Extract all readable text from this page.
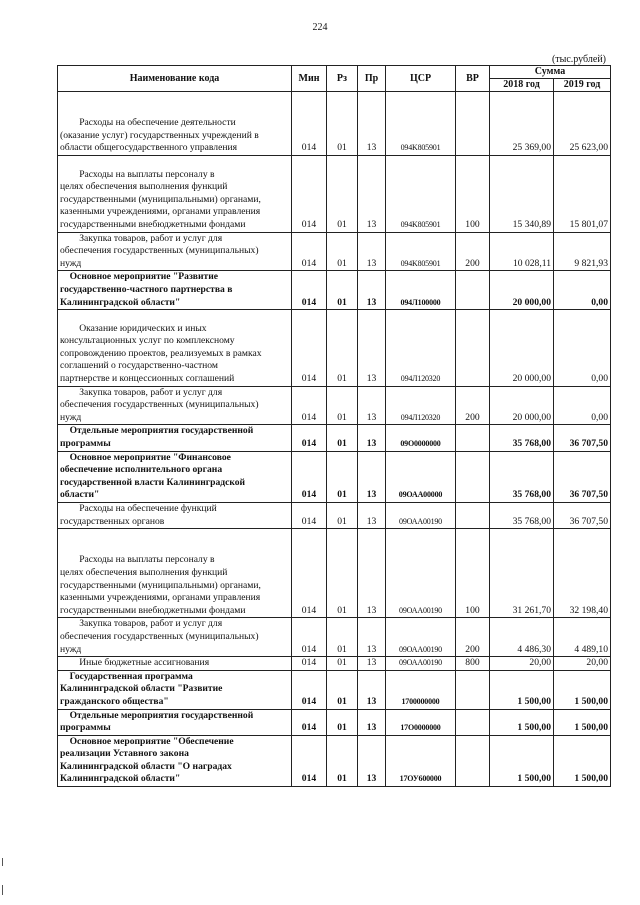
224
(тыс.рублей)
Наименование кода	Мин	Рз	Пр	ЦСР	ВР	Сумма	
						2018 год	2019 год

Расходы на обеспечение деятельности
(оказание услуг) государственных учреждений в
области общегосударственного управления	014	01	13	094K805901		25 369,00	25 623,00

Расходы на выплаты персоналу в
целях обеспечения выполнения функций
государственными (муниципальными) органами,
казенными учреждениями, органами управления
государственными внебюджетными фондами	014	01	13	094K805901	100	15 340,89	15 801,07
Закупка товаров, работ и услуг для
обеспечения государственных (муниципальных)
нужд	014	01	13	094K805901	200	10 028,11	9 821,93
Основное мероприятие "Развитие
государственно-частного партнерства в
Калининградской области"	014	01	13	094Л100000		20 000,00	0,00

Оказание юридических и иных
консультационных услуг по комплексному
сопровождению проектов, реализуемых в рамках
соглашений о государственно-частном
партнерстве и концессионных соглашений	014	01	13	094Л120320		20 000,00	0,00
Закупка товаров, работ и услуг для
обеспечения государственных (муниципальных)
нужд	014	01	13	094Л120320	200	20 000,00	0,00
Отдельные мероприятия государственной
программы	014	01	13	09О0000000		35 768,00	36 707,50
Основное мероприятие "Финансовое
обеспечение исполнительного органа
государственной власти Калининградской
области"	014	01	13	09ОАА00000		35 768,00	36 707,50
Расходы на обеспечение функций
государственных органов	014	01	13	09ОАА00190		35 768,00	36 707,50

Расходы на выплаты персоналу в
целях обеспечения выполнения функций
государственными (муниципальными) органами,
казенными учреждениями, органами управления
государственными внебюджетными фондами	014	01	13	09ОАА00190	100	31 261,70	32 198,40
Закупка товаров, работ и услуг для
обеспечения государственных (муниципальных)
нужд	014	01	13	09ОАА00190	200	4 486,30	4 489,10
Иные бюджетные ассигнования	014	01	13	09ОАА00190	800	20,00	20,00
Государственная программа
Калининградской области "Развитие
гражданского общества"	014	01	13	1700000000		1 500,00	1 500,00
Отдельные мероприятия государственной
программы	014	01	13	17О0000000		1 500,00	1 500,00
Основное мероприятие "Обеспечение
реализации Уставного закона
Калининградской области "О наградах
Калининградской области"	014	01	13	17ОУ600000		1 500,00	1 500,00
